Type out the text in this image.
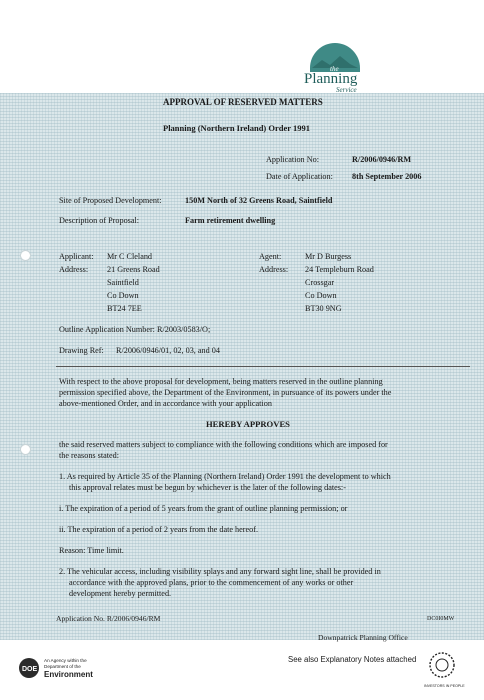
the
Planning
Service
APPROVAL OF RESERVED MATTERS
Planning (Northern Ireland) Order 1991
Application No:	R/2006/0946/RM
Date of Application: 8th September 2006
Site of Proposed Development:	150M North of 32 Greens Road, Saintfield
Description of Proposal:	Farm retirement dwelling
Applicant: Mr C Cleland
Address: 21 Greens Road
Saintfield
Co Down
BT24 7EE
Agent:	Mr D Burgess
Address: 24 Templeburn Road
Crossgar
Co Down
BT30 9NG
Outline Application Number: R/2003/0583/O;
Drawing Ref: R/2006/0946/01, 02, 03, and 04
With respect to the above proposal for development, being matters reserved in the outline planning
permission specified above, the Department of the Environment, in pursuance of its powers under the
above-mentioned Order, and in accordance with your application
HEREBY APPROVES
the said reserved matters subject to compliance with the following conditions which are imposed for
the reasons stated:
1. As required by Article 35 of the Planning (Northern Ireland) Order 1991 the development to which
this approval relates must be begun by whichever is the later of the following dates:-
i. The expiration of a period of 5 years from the grant of outline planning permission; or
ii. The expiration of a period of 2 years from the date hereof.
Reason: Time limit.
2. The vehicular access, including visibility splays and any forward sight line, shall be provided in
accordance with the approved plans, prior to the commencement of any works or other
development hereby permitted.
Application No. R/2006/0946/RM	DC0I0MW
Downpatrick Planning Office
See also Explanatory Notes attached
DOE
An Agency within the
Department of the
Environment
INVESTORS IN PEOPLE
